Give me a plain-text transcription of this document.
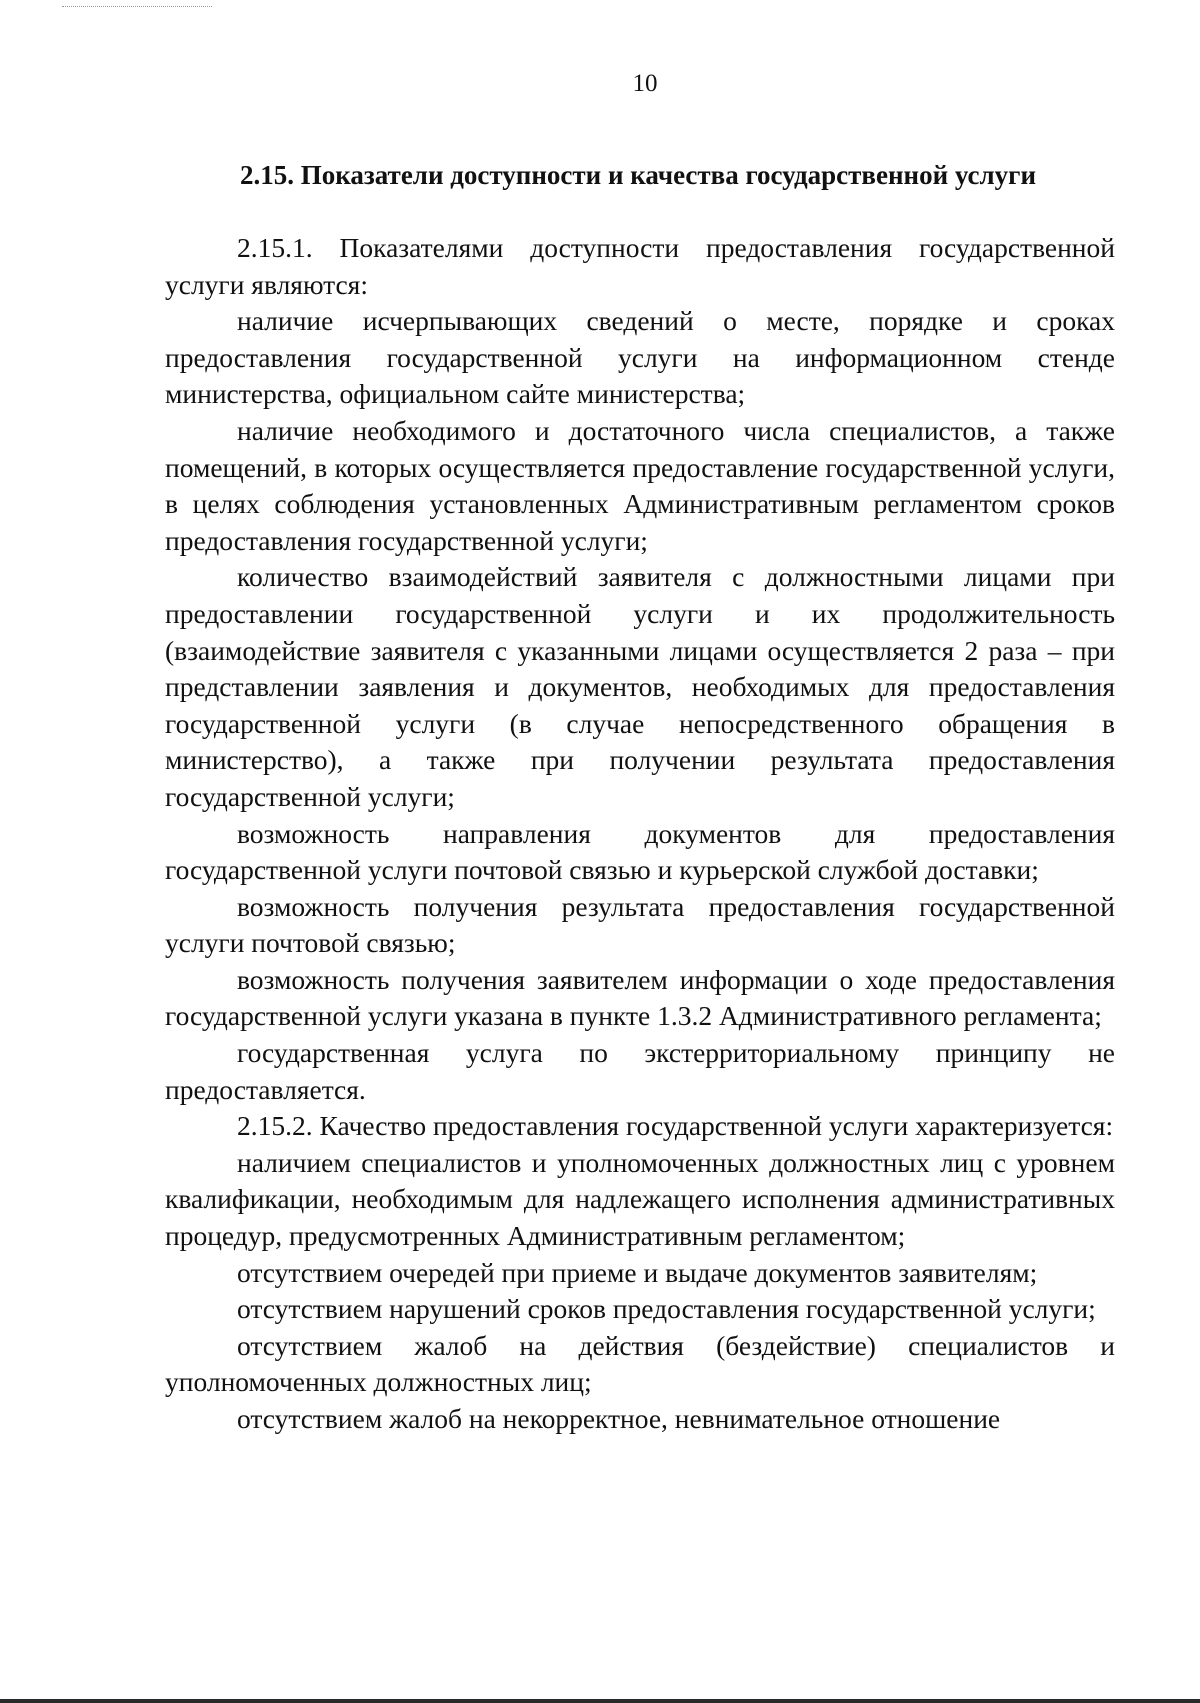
10
2.15. Показатели доступности и качества государственной услуги

2.15.1. Показателями доступности предоставления государственной услуги являются:

наличие исчерпывающих сведений о месте, порядке и сроках предоставления государственной услуги на информационном стенде министерства, официальном сайте министерства;

наличие необходимого и достаточного числа специалистов, а также помещений, в которых осуществляется предоставление государственной услуги, в целях соблюдения установленных Административным регламентом сроков предоставления государственной услуги;

количество взаимодействий заявителя с должностными лицами при предоставлении государственной услуги и их продолжительность (взаимодействие заявителя с указанными лицами осуществляется 2 раза – при представлении заявления и документов, необходимых для предоставления государственной услуги (в случае непосредственного обращения в министерство), а также при получении результата предоставления государственной услуги;

возможность направления документов для предоставления государственной услуги почтовой связью и курьерской службой доставки;

возможность получения результата предоставления государственной услуги почтовой связью;

возможность получения заявителем информации о ходе предоставления государственной услуги указана в пункте 1.3.2 Административного регламента;

государственная услуга по экстерриториальному принципу не предоставляется.

2.15.2. Качество предоставления государственной услуги характеризуется:

наличием специалистов и уполномоченных должностных лиц с уровнем квалификации, необходимым для надлежащего исполнения административных процедур, предусмотренных Административным регламентом;

отсутствием очередей при приеме и выдаче документов заявителям;

отсутствием нарушений сроков предоставления государственной услуги;

отсутствием жалоб на действия (бездействие) специалистов и уполномоченных должностных лиц;

отсутствием жалоб на некорректное, невнимательное отношение
